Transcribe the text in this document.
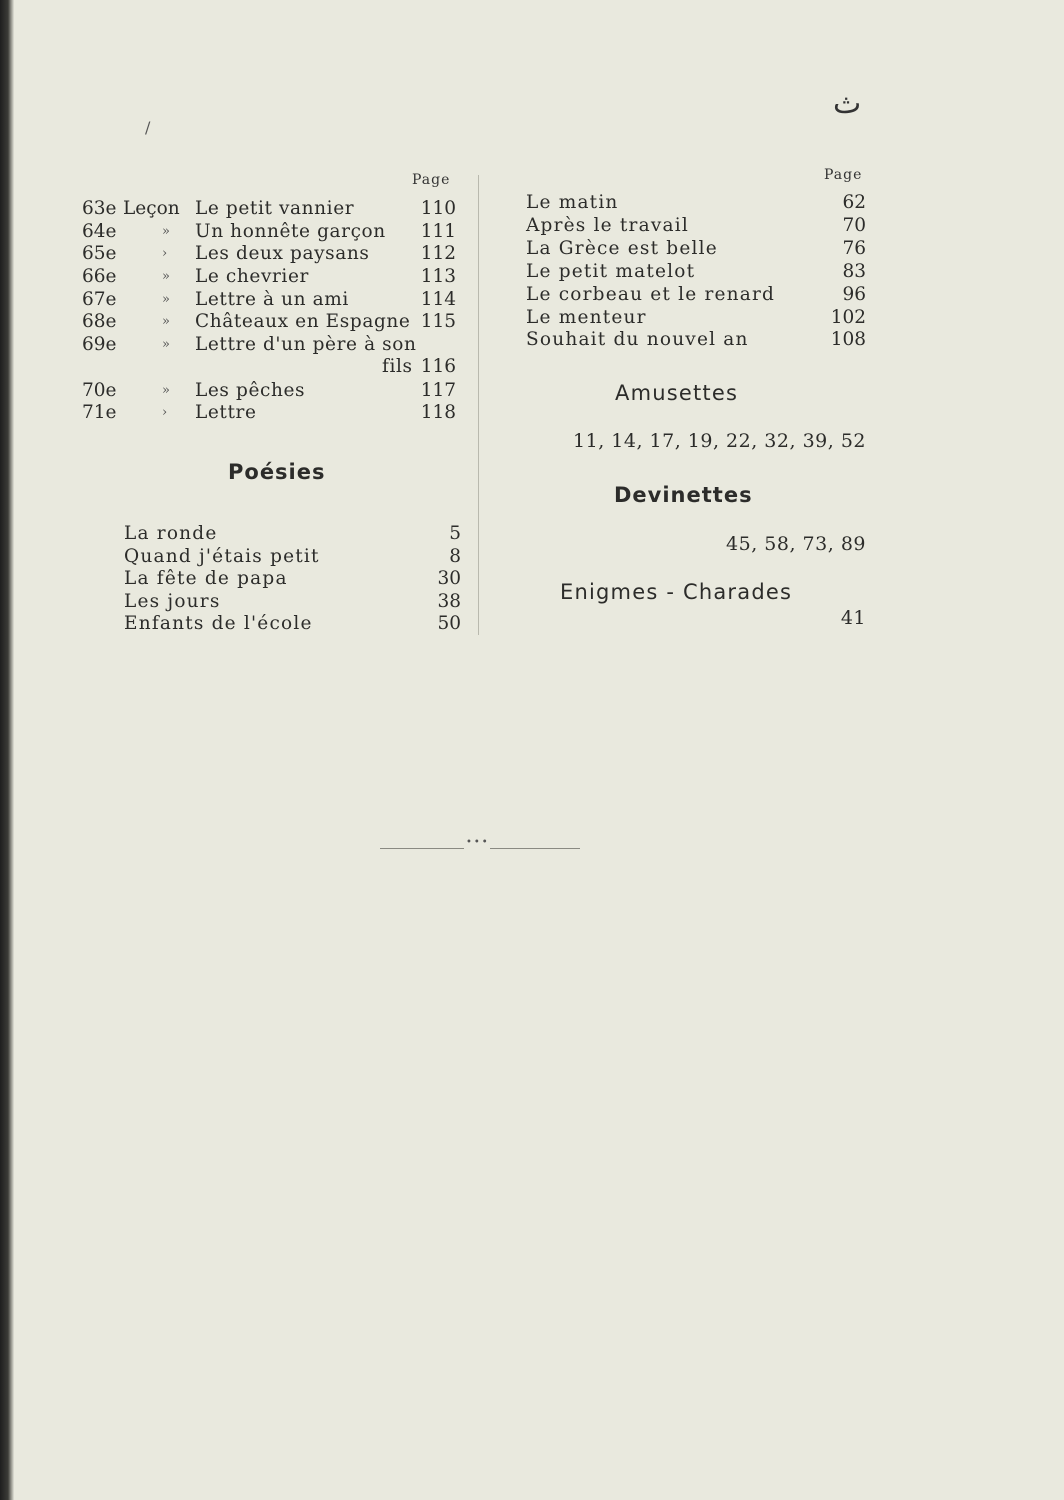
ث
/
Page
63e Leçon Le petit vannier	110
64e	» Un honnête garçon 111
65e	› Les deux paysans	112
66e	» Le chevrier	113
67e	» Lettre à un ami	114
68e	» Châteaux en Espagne 115
69e	» Lettre d'un père à son
fils 116
70e	» Les pêches	117
71e	› Lettre	118
Poésies
La ronde	5
Quand j'étais petit	8
La fête de papa	30
Les jours	38
Enfants de l'école	50
Page
Le matin	62
Après le travail	70
La Grèce est belle	76
Le petit matelot	83
Le corbeau et le renard	96
Le menteur	102
Souhait du nouvel an	108
Amusettes
11, 14, 17, 19, 22, 32, 39, 52
Devinettes
45, 58, 73, 89
Enigmes - Charades
41
•••
